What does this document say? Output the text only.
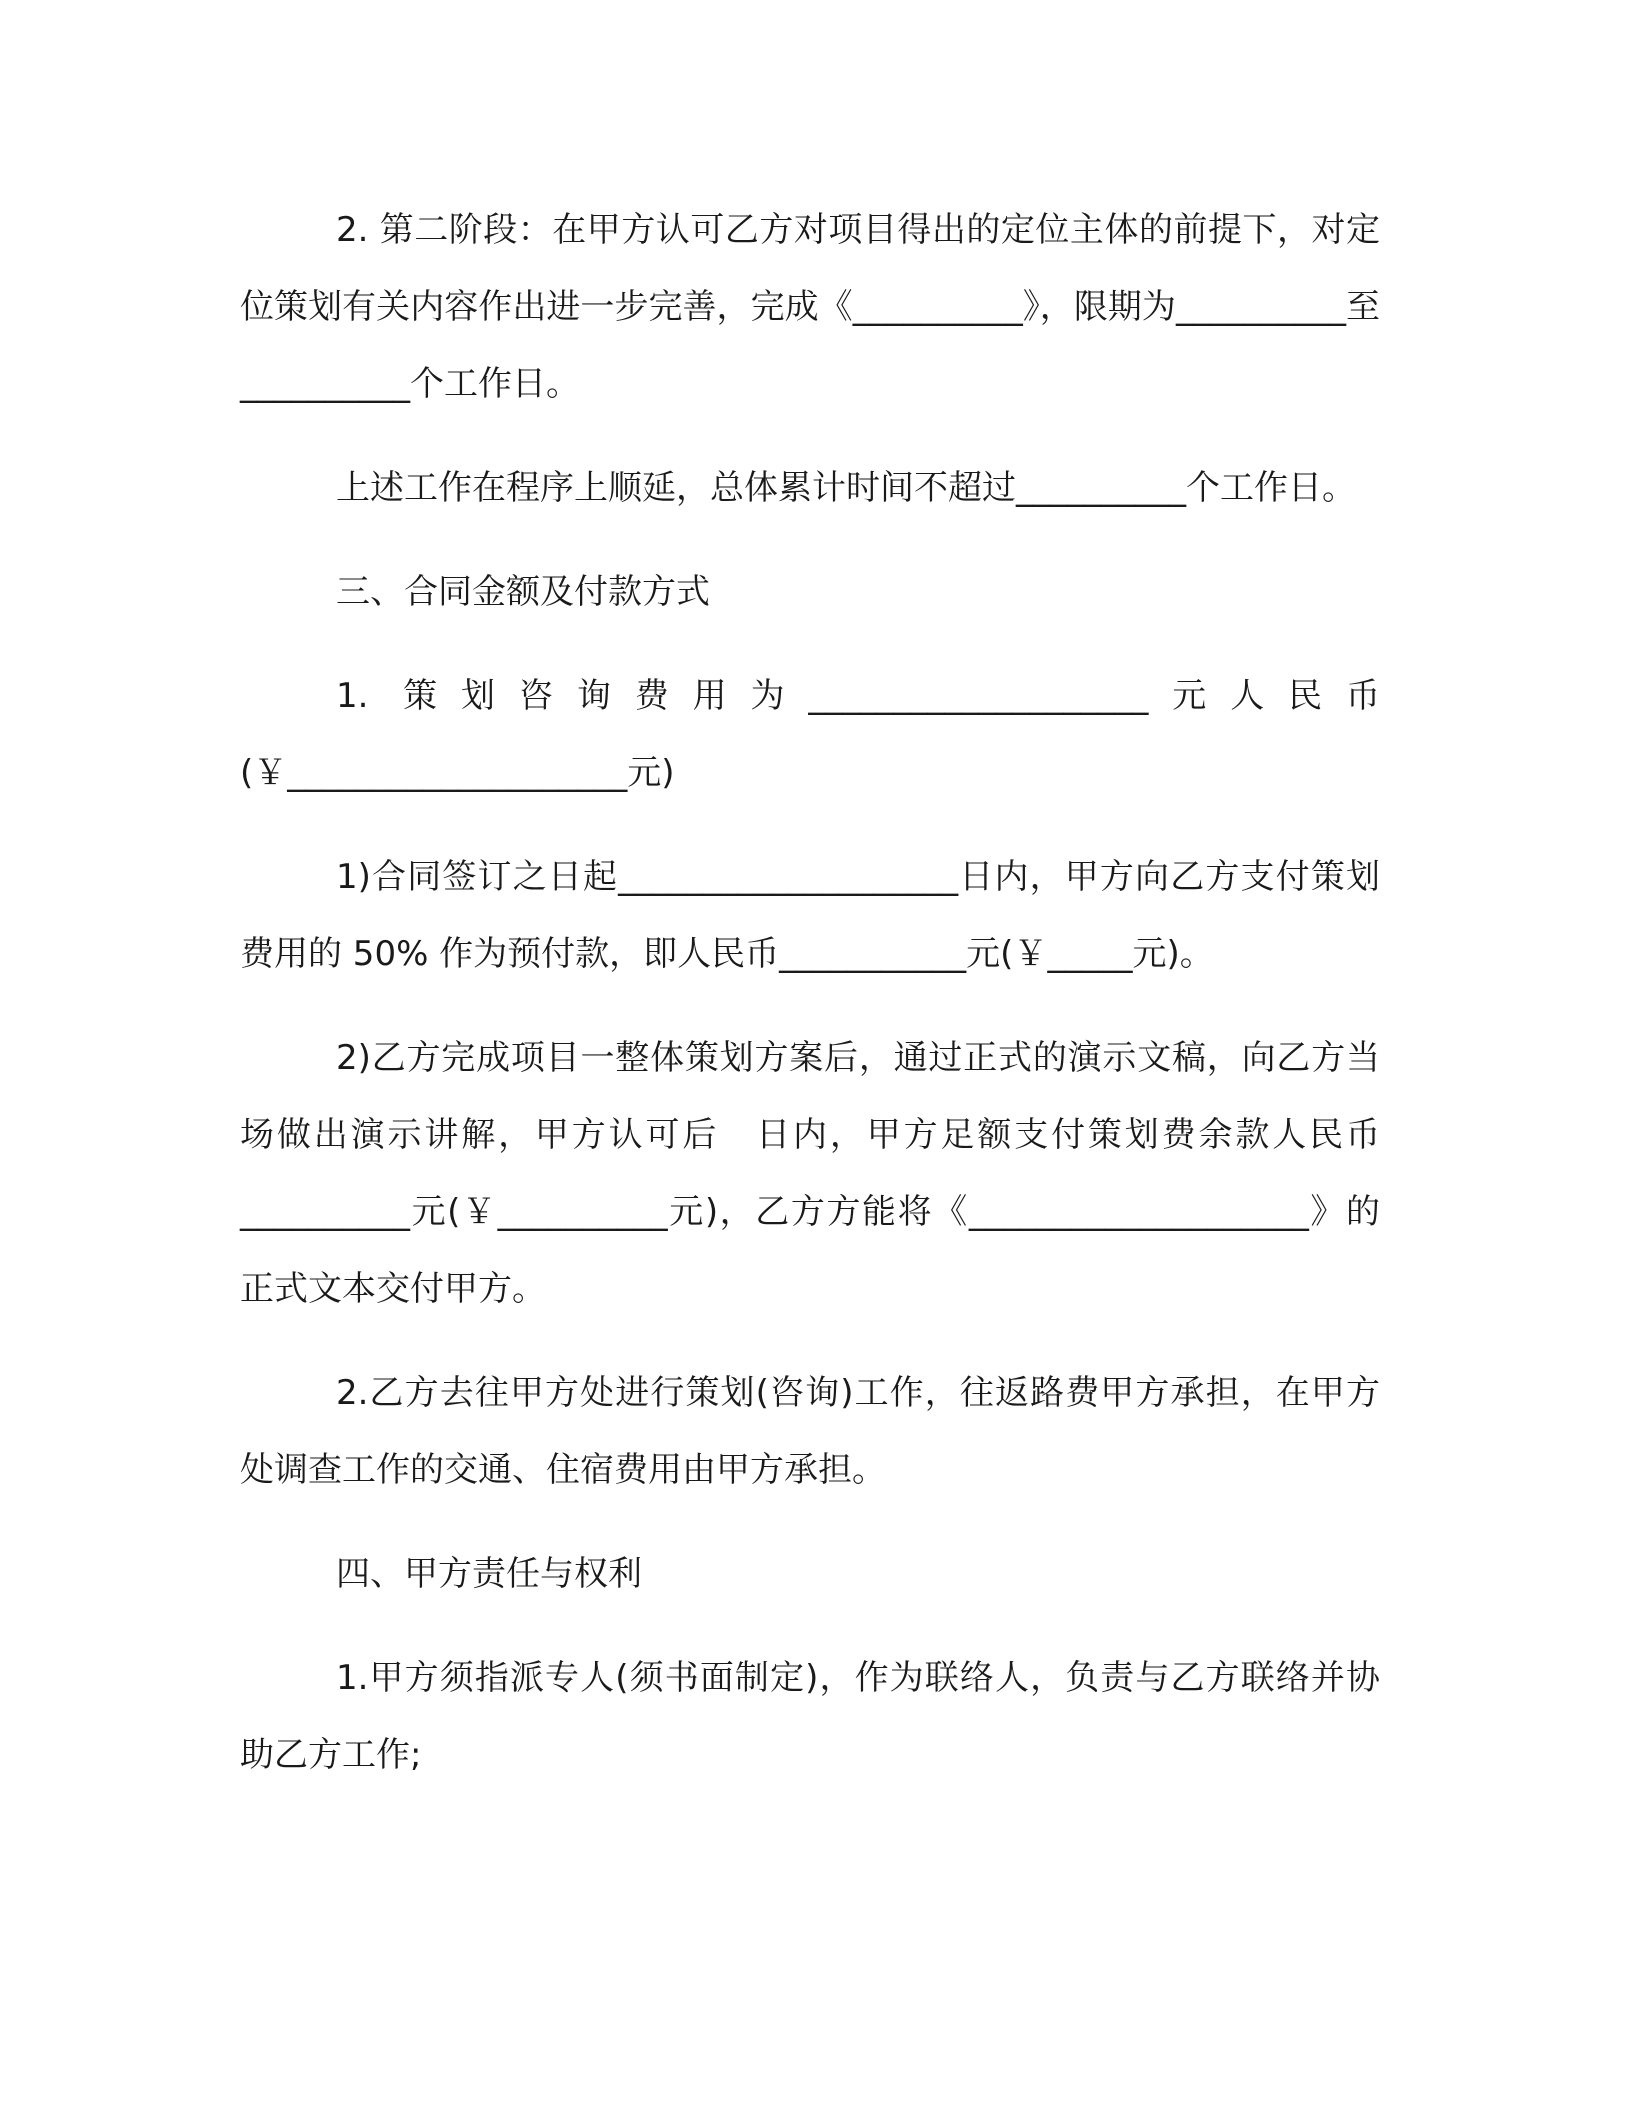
2. 第二阶段：在甲方认可乙方对项目得出的定位主体的前提下，对定位策划有关内容作出进一步完善，完成《__________》，限期为__________至__________个工作日。

上述工作在程序上顺延，总体累计时间不超过__________个工作日。

三、合同金额及付款方式

1. 策划咨询费用为____________________元人民币 (￥____________________元)

1)合同签订之日起____________________日内，甲方向乙方支付策划费用的 50% 作为预付款，即人民币___________元(￥_____元)。

2)乙方完成项目一整体策划方案后，通过正式的演示文稿，向乙方当场做出演示讲解，甲方认可后　日内，甲方足额支付策划费余款人民币__________元(￥__________元)，乙方方能将《____________________》的正式文本交付甲方。

2.乙方去往甲方处进行策划(咨询)工作，往返路费甲方承担，在甲方处调查工作的交通、住宿费用由甲方承担。

四、甲方责任与权利

1.甲方须指派专人(须书面制定)，作为联络人，负责与乙方联络并协助乙方工作;
